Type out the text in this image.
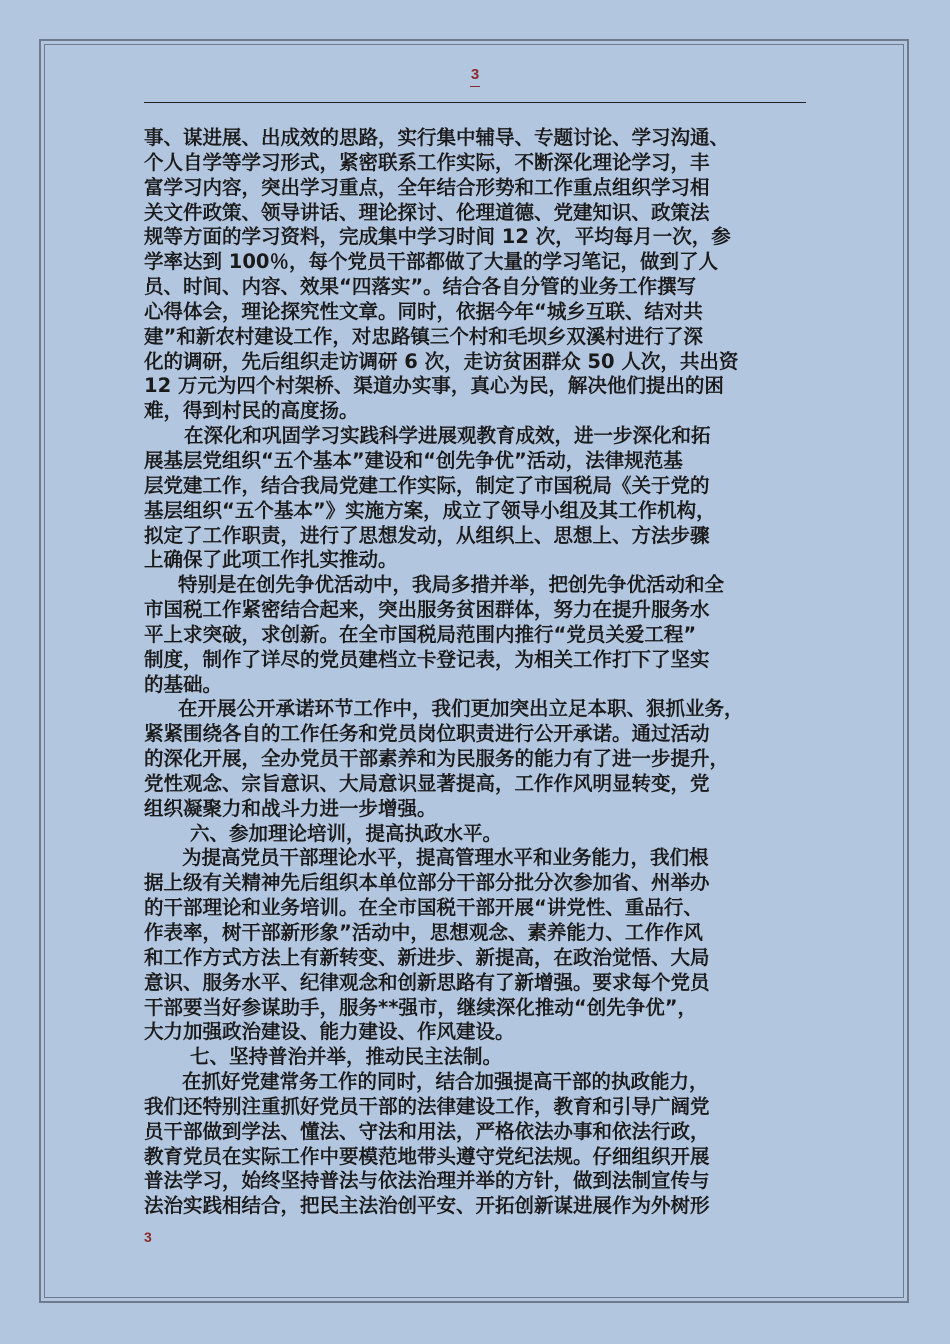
3
事、谋进展、出成效的思路，实行集中辅导、专题讨论、学习沟通、
个人自学等学习形式，紧密联系工作实际，不断深化理论学习，丰
富学习内容，突出学习重点，全年结合形势和工作重点组织学习相
关文件政策、领导讲话、理论探讨、伦理道德、党建知识、政策法
规等方面的学习资料，完成集中学习时间 12 次，平均每月一次，参
学率达到 100％，每个党员干部都做了大量的学习笔记，做到了人
员、时间、内容、效果“四落实”。结合各自分管的业务工作撰写
心得体会，理论探究性文章。同时，依据今年“城乡互联、结对共
建”和新农村建设工作，对忠路镇三个村和毛坝乡双溪村进行了深
化的调研，先后组织走访调研 6 次，走访贫困群众 50 人次，共出资
12 万元为四个村架桥、渠道办实事，真心为民，解决他们提出的困
难，得到村民的高度扬。
在深化和巩固学习实践科学进展观教育成效，进一步深化和拓
展基层党组织“五个基本”建设和“创先争优”活动，法律规范基
层党建工作，结合我局党建工作实际，制定了市国税局《关于党的
基层组织“五个基本”》实施方案，成立了领导小组及其工作机构，
拟定了工作职责，进行了思想发动，从组织上、思想上、方法步骤
上确保了此项工作扎实推动。
特别是在创先争优活动中，我局多措并举，把创先争优活动和全
市国税工作紧密结合起来，突出服务贫困群体，努力在提升服务水
平上求突破，求创新。在全市国税局范围内推行“党员关爱工程”
制度，制作了详尽的党员建档立卡登记表，为相关工作打下了坚实
的基础。
在开展公开承诺环节工作中，我们更加突出立足本职、狠抓业务，
紧紧围绕各自的工作任务和党员岗位职责进行公开承诺。通过活动
的深化开展，全办党员干部素养和为民服务的能力有了进一步提升，
党性观念、宗旨意识、大局意识显著提高，工作作风明显转变，党
组织凝聚力和战斗力进一步增强。
六、参加理论培训，提高执政水平。
为提高党员干部理论水平，提高管理水平和业务能力，我们根
据上级有关精神先后组织本单位部分干部分批分次参加省、州举办
的干部理论和业务培训。在全市国税干部开展“讲党性、重品行、
作表率，树干部新形象”活动中，思想观念、素养能力、工作作风
和工作方式方法上有新转变、新进步、新提高，在政治觉悟、大局
意识、服务水平、纪律观念和创新思路有了新增强。要求每个党员
干部要当好参谋助手，服务**强市，继续深化推动“创先争优”，
大力加强政治建设、能力建设、作风建设。
七、坚持普治并举，推动民主法制。
在抓好党建常务工作的同时，结合加强提高干部的执政能力，
我们还特别注重抓好党员干部的法律建设工作，教育和引导广阔党
员干部做到学法、懂法、守法和用法，严格依法办事和依法行政，
教育党员在实际工作中要模范地带头遵守党纪法规。仔细组织开展
普法学习，始终坚持普法与依法治理并举的方针，做到法制宣传与
法治实践相结合，把民主法治创平安、开拓创新谋进展作为外树形
3
